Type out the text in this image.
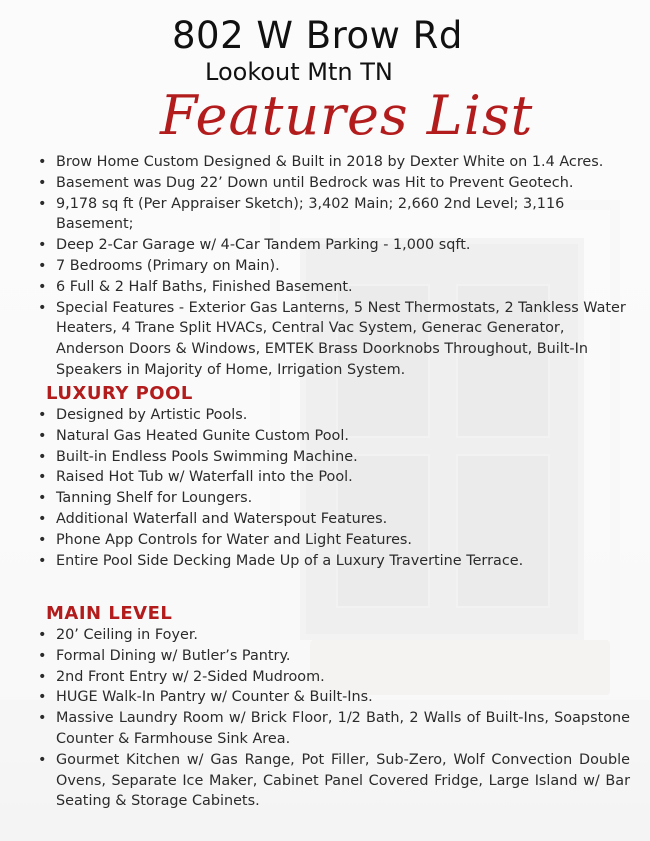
802 W Brow Rd
Lookout Mtn TN
Features List
• Brow Home Custom Designed & Built in 2018 by Dexter White on 1.4 Acres.
• Basement was Dug 22’ Down until Bedrock was Hit to Prevent Geotech.
• 9,178 sq ft (Per Appraiser Sketch); 3,402 Main; 2,660 2nd Level; 3,116 Basement;
• Deep 2-Car Garage w/ 4-Car Tandem Parking - 1,000 sqft.
• 7 Bedrooms (Primary on Main).
• 6 Full & 2 Half Baths, Finished Basement.
• Special Features - Exterior Gas Lanterns, 5 Nest Thermostats, 2 Tankless Water Heaters, 4 Trane Split HVACs, Central Vac System, Generac Generator, Anderson Doors & Windows, EMTEK Brass Doorknobs Throughout, Built-In Speakers in Majority of Home, Irrigation System.
LUXURY POOL
• Designed by Artistic Pools.
• Natural Gas Heated Gunite Custom Pool.
• Built-in Endless Pools Swimming Machine.
• Raised Hot Tub w/ Waterfall into the Pool.
• Tanning Shelf for Loungers.
• Additional Waterfall and Waterspout Features.
• Phone App Controls for Water and Light Features.
• Entire Pool Side Decking Made Up of a Luxury Travertine Terrace.
MAIN LEVEL
• 20’ Ceiling in Foyer.
• Formal Dining w/ Butler’s Pantry.
• 2nd Front Entry w/ 2-Sided Mudroom.
• HUGE Walk-In Pantry w/ Counter & Built-Ins.
• Massive Laundry Room w/ Brick Floor, 1/2 Bath, 2 Walls of Built-Ins, Soapstone Counter & Farmhouse Sink Area.
• Gourmet Kitchen w/ Gas Range, Pot Filler, Sub-Zero, Wolf Convection Double Ovens, Separate Ice Maker, Cabinet Panel Covered Fridge, Large Island w/ Bar Seating & Storage Cabinets.
